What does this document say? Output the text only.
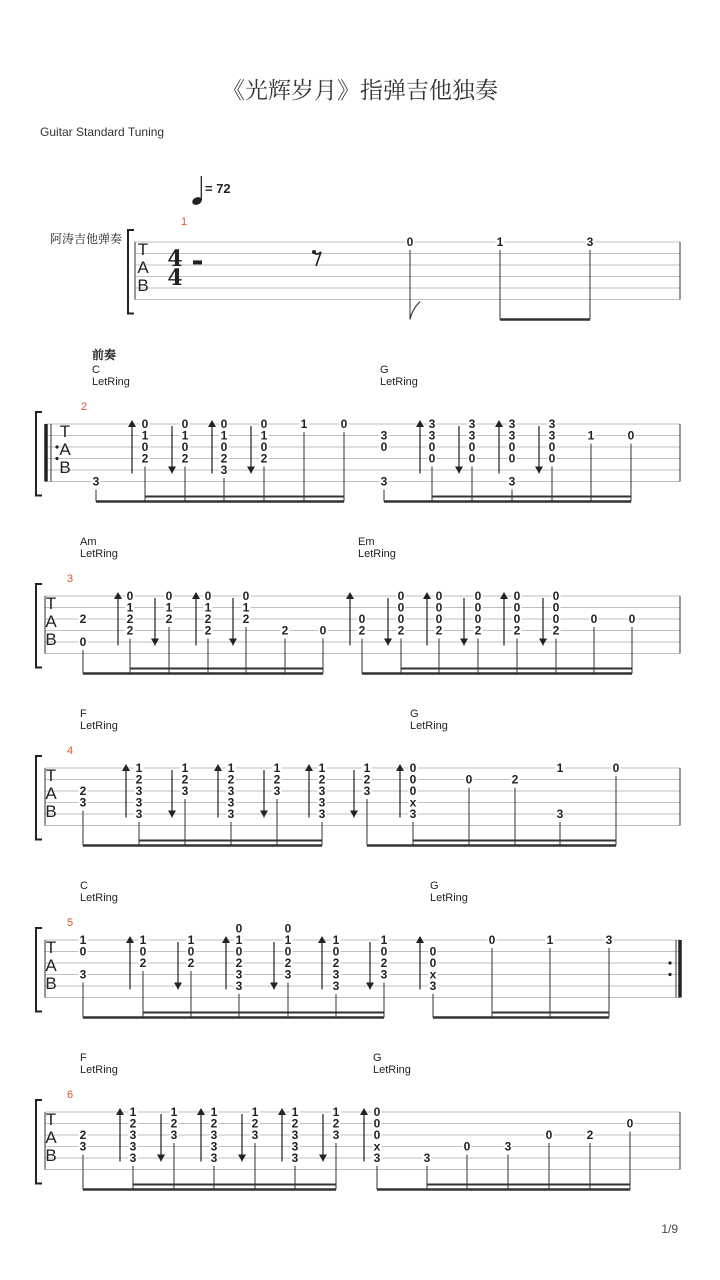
《光辉岁月》指弹吉他独奏
Guitar Standard Tuning
阿涛吉他弹奏
= 72
1/9
T
A
B
1
4
4
0	1	3
T
A
B
2
前奏
C
LetRing
G
LetRing
3
0
1
0
2
0
1
0
2
0
1
0
2
3
0
1
0
2
1	0
3
0
3
3
3
0
0
3
3
0
0
3
3
0
0
3
3
3
0
0
1	0
T
A
B
3
Am
LetRing
Em
LetRing
2
0
0
1
2
2
0
1
2
0
1
2
2
0
1
2
2	0
0
2
0
0
0
2
0
0
0
2
0
0
0
2
0
0
0
2
0
0
0
2
0	0
T
A
B
4
F
LetRing
G
LetRing
2
3
1
2
3
3
3
1
2
3
1
2
3
3
3
1
2
3
1
2
3
3
3
1
2
3
0
0
0
x
3
0	2
1
3
0
T
A
B
5
C
LetRing
G
LetRing
1
0
3
1
0
2
1
0
2
0
1
0
2
3
3
0
1
0
2
3
1
0
2
3
3
1
0
2
3
0
0
x
3
0	1	3
T
A
B
6
F
LetRing
G
LetRing
2
3
1
2
3
3
3
1
2
3
1
2
3
3
3
1
2
3
1
2
3
3
3
1
2
3
0
0
0
x
3	3
0	3
0	2
0
